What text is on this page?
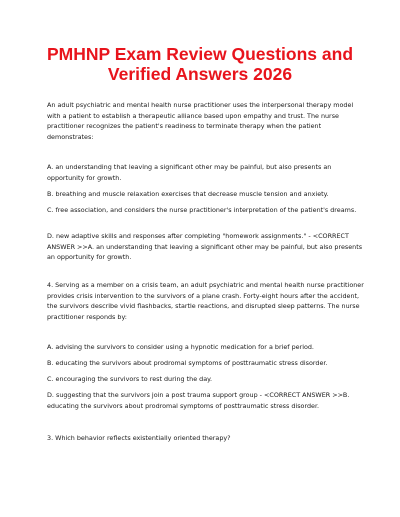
PMHNP Exam Review Questions and Verified Answers 2026

An adult psychiatric and mental health nurse practitioner uses the interpersonal therapy model with a patient to establish a therapeutic alliance based upon empathy and trust. The nurse practitioner recognizes the patient's readiness to terminate therapy when the patient demonstrates:

A. an understanding that leaving a significant other may be painful, but also presents an opportunity for growth.

B. breathing and muscle relaxation exercises that decrease muscle tension and anxiety.

C. free association, and considers the nurse practitioner's interpretation of the patient's dreams.

D. new adaptive skills and responses after completing "homework assignments." - <CORRECT ANSWER >>A. an understanding that leaving a significant other may be painful, but also presents an opportunity for growth.

4. Serving as a member on a crisis team, an adult psychiatric and mental health nurse practitioner provides crisis intervention to the survivors of a plane crash. Forty-eight hours after the accident, the survivors describe vivid flashbacks, startle reactions, and disrupted sleep patterns. The nurse practitioner responds by:

A. advising the survivors to consider using a hypnotic medication for a brief period.

B. educating the survivors about prodromal symptoms of posttraumatic stress disorder.

C. encouraging the survivors to rest during the day.

D. suggesting that the survivors join a post trauma support group - <CORRECT ANSWER >>B. educating the survivors about prodromal symptoms of posttraumatic stress disorder.

3. Which behavior reflects existentially oriented therapy?
